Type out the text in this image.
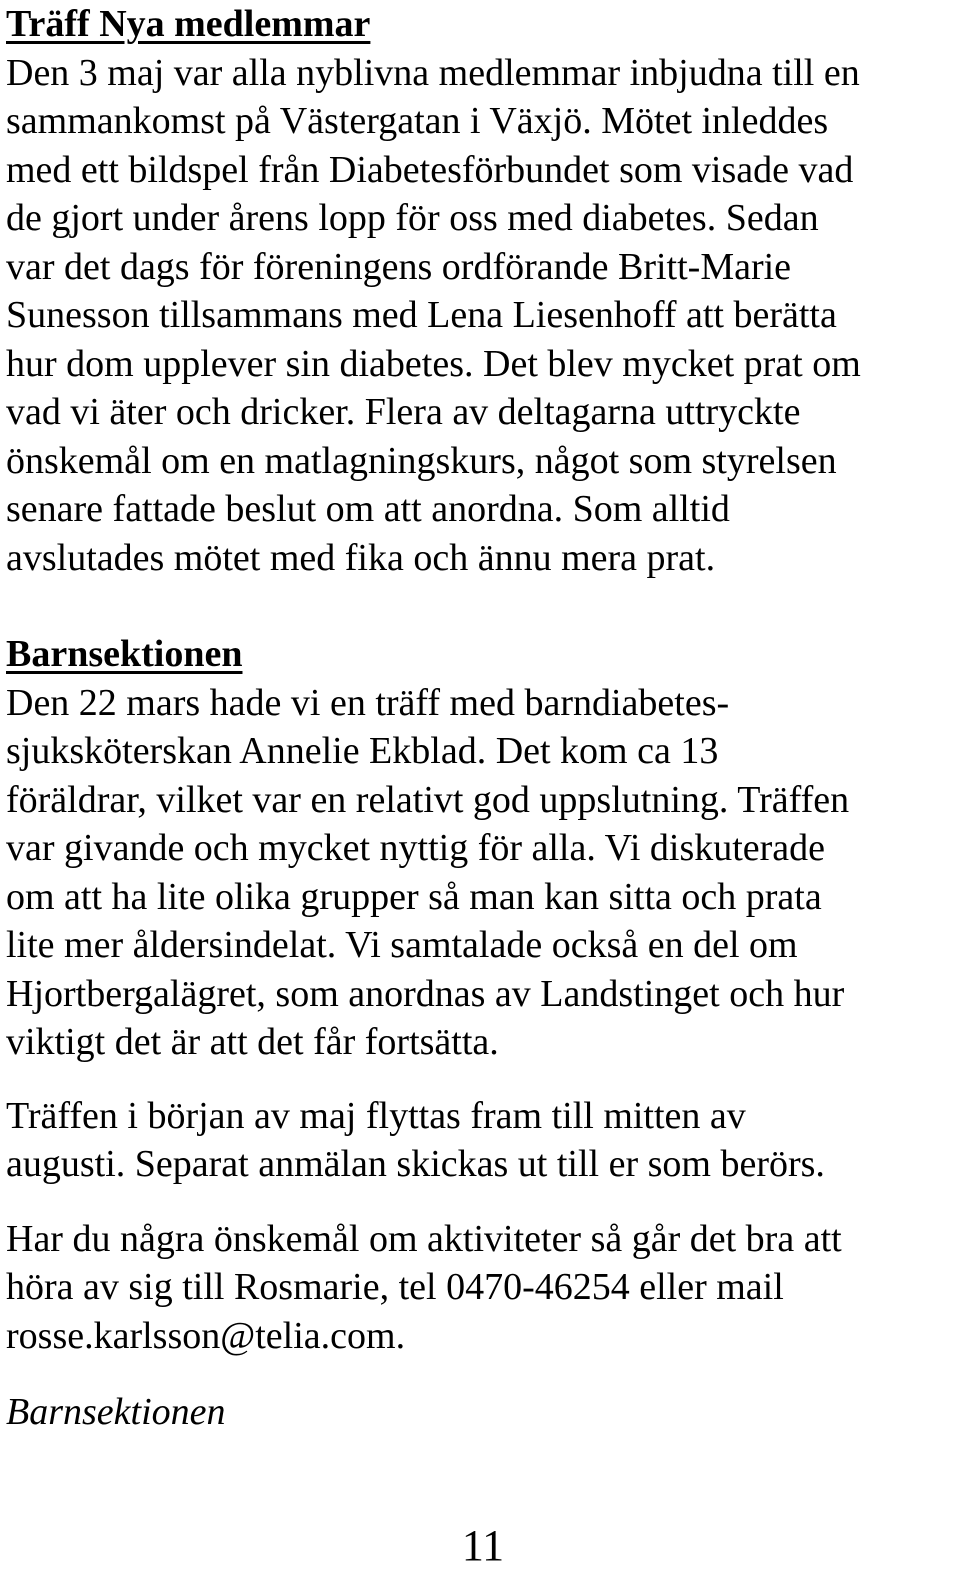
Träff Nya medlemmar
Den 3 maj var alla nyblivna medlemmar inbjudna till en
sammankomst på Västergatan i Växjö. Mötet inleddes
med ett bildspel från Diabetesförbundet som visade vad
de gjort under årens lopp för oss med diabetes. Sedan
var det dags för föreningens ordförande Britt-Marie
Sunesson tillsammans med Lena Liesenhoff att berätta
hur dom upplever sin diabetes. Det blev mycket prat om
vad vi äter och dricker. Flera av deltagarna uttryckte
önskemål om en matlagningskurs, något som styrelsen
senare fattade beslut om att anordna. Som alltid
avslutades mötet med fika och ännu mera prat.
Barnsektionen
Den 22 mars hade vi en träff med barndiabetes-
sjuksköterskan Annelie Ekblad. Det kom ca 13
föräldrar, vilket var en relativt god uppslutning. Träffen
var givande och mycket nyttig för alla. Vi diskuterade
om att ha lite olika grupper så man kan sitta och prata
lite mer åldersindelat. Vi samtalade också en del om
Hjortbergalägret, som anordnas av Landstinget och hur
viktigt det är att det får fortsätta.
Träffen i början av maj flyttas fram till mitten av
augusti. Separat anmälan skickas ut till er som berörs.
Har du några önskemål om aktiviteter så går det bra att
höra av sig till Rosmarie, tel 0470-46254 eller mail
rosse.karlsson@telia.com.
Barnsektionen
11
